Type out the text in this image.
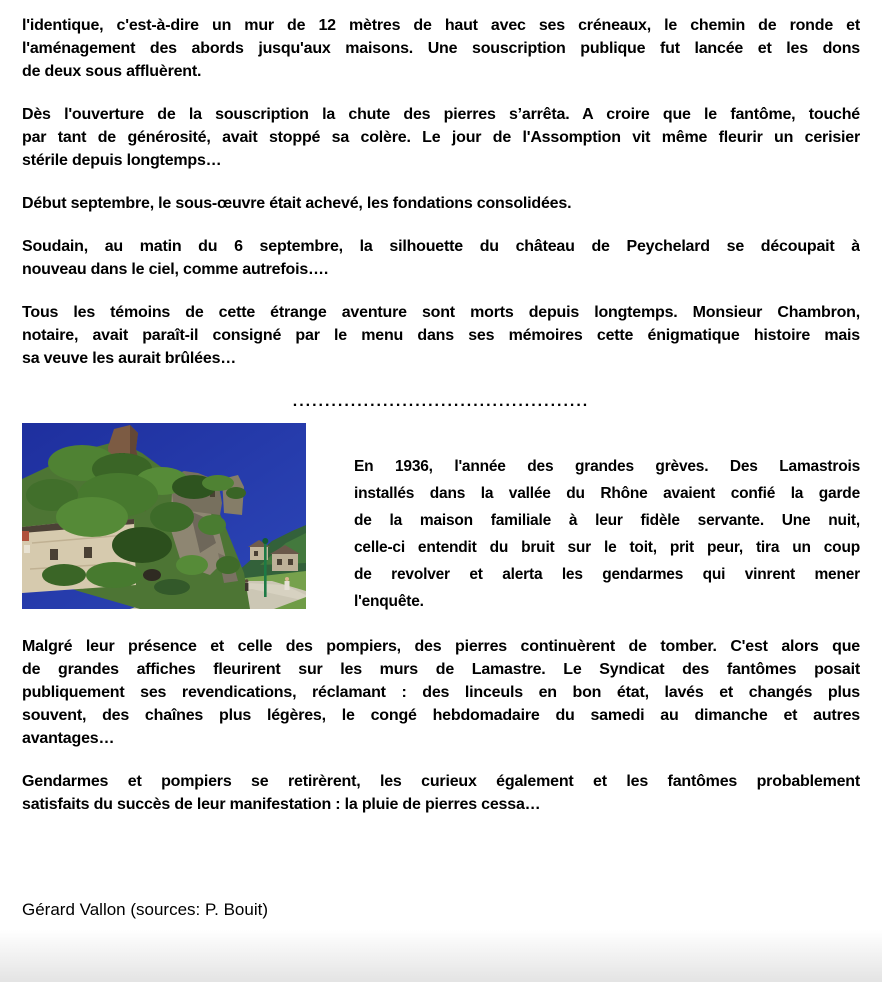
l'identique, c'est-à-dire un mur de 12 mètres de haut avec ses créneaux, le chemin de ronde et
l'aménagement des abords jusqu'aux maisons. Une souscription publique fut lancée et les dons
de deux sous affluèrent.
Dès l'ouverture de la souscription la chute des pierres s’arrêta. A croire que le fantôme, touché
par tant de générosité, avait stoppé sa colère. Le jour de l'Assomption vit même fleurir un cerisier
stérile depuis longtemps…
Début septembre, le sous-œuvre était achevé, les fondations consolidées.
Soudain, au matin du 6 septembre, la silhouette du château de Peychelard se découpait à
nouveau dans le ciel, comme autrefois….
Tous les témoins de cette étrange aventure sont morts depuis longtemps. Monsieur Chambron,
notaire, avait paraît-il consigné par le menu dans ses mémoires cette énigmatique histoire mais
sa veuve les aurait brûlées…
..............................................
En 1936, l'année des grandes grèves. Des Lamastrois
installés dans la vallée du Rhône avaient confié la garde
de la maison familiale à leur fidèle servante. Une nuit,
celle-ci entendit du bruit sur le toit, prit peur, tira un coup
de revolver et alerta les gendarmes qui vinrent mener
l'enquête.
Malgré leur présence et celle des pompiers, des pierres continuèrent de tomber. C'est alors que
de grandes affiches fleurirent sur les murs de Lamastre. Le Syndicat des fantômes posait
publiquement ses revendications, réclamant : des linceuls en bon état, lavés et changés plus
souvent, des chaînes plus légères, le congé hebdomadaire du samedi au dimanche et autres
avantages…
Gendarmes et pompiers se retirèrent, les curieux également et les fantômes probablement
satisfaits du succès de leur manifestation : la pluie de pierres cessa…
Gérard Vallon (sources: P. Bouit)
